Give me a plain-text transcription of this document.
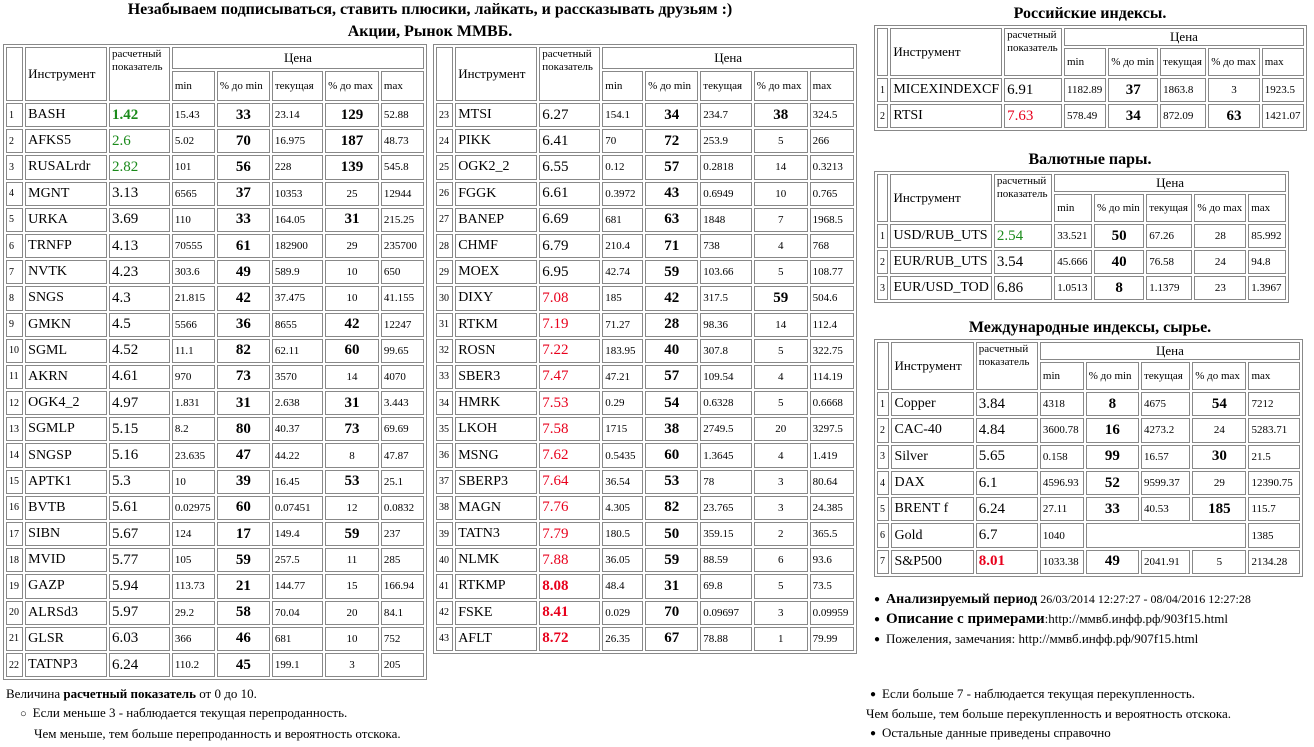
Незабываем подписываться, ставить плюсики, лайкать, и рассказывать друзьям :)
Акции, Рынок ММВБ.
Российские индексы.
Валютные пары.
Международные индексы, сырье.
	Инструмент	расчетный показатель	Цена				
			min	% до min	текущая	% до max	max
1	BASH	1.42	15.43	33	23.14	129	52.88
2	AFKS5	2.6	5.02	70	16.975	187	48.73
3	RUSALrdr	2.82	101	56	228	139	545.8
4	MGNT	3.13	6565	37	10353	25	12944
5	URKA	3.69	110	33	164.05	31	215.25
6	TRNFP	4.13	70555	61	182900	29	235700
7	NVTK	4.23	303.6	49	589.9	10	650
8	SNGS	4.3	21.815	42	37.475	10	41.155
9	GMKN	4.5	5566	36	8655	42	12247
10	SGML	4.52	11.1	82	62.11	60	99.65
11	AKRN	4.61	970	73	3570	14	4070
12	OGK4_2	4.97	1.831	31	2.638	31	3.443
13	SGMLP	5.15	8.2	80	40.37	73	69.69
14	SNGSP	5.16	23.635	47	44.22	8	47.87
15	APTK1	5.3	10	39	16.45	53	25.1
16	BVTB	5.61	0.02975	60	0.07451	12	0.0832
17	SIBN	5.67	124	17	149.4	59	237
18	MVID	5.77	105	59	257.5	11	285
19	GAZP	5.94	113.73	21	144.77	15	166.94
20	ALRSd3	5.97	29.2	58	70.04	20	84.1
21	GLSR	6.03	366	46	681	10	752
22	TATNP3	6.24	110.2	45	199.1	3	205
	Инструмент	расчетный показатель	Цена				
			min	% до min	текущая	% до max	max
23	MTSI	6.27	154.1	34	234.7	38	324.5
24	PIKK	6.41	70	72	253.9	5	266
25	OGK2_2	6.55	0.12	57	0.2818	14	0.3213
26	FGGK	6.61	0.3972	43	0.6949	10	0.765
27	BANEP	6.69	681	63	1848	7	1968.5
28	CHMF	6.79	210.4	71	738	4	768
29	MOEX	6.95	42.74	59	103.66	5	108.77
30	DIXY	7.08	185	42	317.5	59	504.6
31	RTKM	7.19	71.27	28	98.36	14	112.4
32	ROSN	7.22	183.95	40	307.8	5	322.75
33	SBER3	7.47	47.21	57	109.54	4	114.19
34	HMRK	7.53	0.29	54	0.6328	5	0.6668
35	LKOH	7.58	1715	38	2749.5	20	3297.5
36	MSNG	7.62	0.5435	60	1.3645	4	1.419
37	SBERP3	7.64	36.54	53	78	3	80.64
38	MAGN	7.76	4.305	82	23.765	3	24.385
39	TATN3	7.79	180.5	50	359.15	2	365.5
40	NLMK	7.88	36.05	59	88.59	6	93.6
41	RTKMP	8.08	48.4	31	69.8	5	73.5
42	FSKE	8.41	0.029	70	0.09697	3	0.09959
43	AFLT	8.72	26.35	67	78.88	1	79.99
	Инструмент	расчетный показатель	Цена				
			min	% до min	текущая	% до max	max
1	MICEXINDEXCF	6.91	1182.89	37	1863.8	3	1923.5
2	RTSI	7.63	578.49	34	872.09	63	1421.07
	Инструмент	расчетный показатель	Цена				
			min	% до min	текущая	% до max	max
1	USD/RUB_UTS	2.54	33.521	50	67.26	28	85.992
2	EUR/RUB_UTS	3.54	45.666	40	76.58	24	94.8
3	EUR/USD_TOD	6.86	1.0513	8	1.1379	23	1.3967
	Инструмент	расчетный показатель	Цена				
			min	% до min	текущая	% до max	max
1	Copper	3.84	4318	8	4675	54	7212
2	CAC-40	4.84	3600.78	16	4273.2	24	5283.71
3	Silver	5.65	0.158	99	16.57	30	21.5
4	DAX	6.1	4596.93	52	9599.37	29	12390.75
5	BRENT f	6.24	27.11	33	40.53	185	115.7
6	Gold	6.7	1040				1385
7	S&P500	8.01	1033.38	49	2041.91	5	2134.28
● Анализируемый период 26/03/2014 12:27:27 - 08/04/2016 12:27:28
● Описание с примерами:http://ммвб.инфф.рф/903f15.html
● Пожеления, замечания: http://ммвб.инфф.рф/907f15.html
Величина расчетный показатель от 0 до 10.
○ Если меньше 3 - наблюдается текущая перепроданность.
Чем меньше, тем больше перепроданность и вероятность отскока.
● Если больше 7 - наблюдается текущая перекупленность.
Чем больше, тем больше перекупленность и вероятность отскока.
● Остальные данные приведены справочно
